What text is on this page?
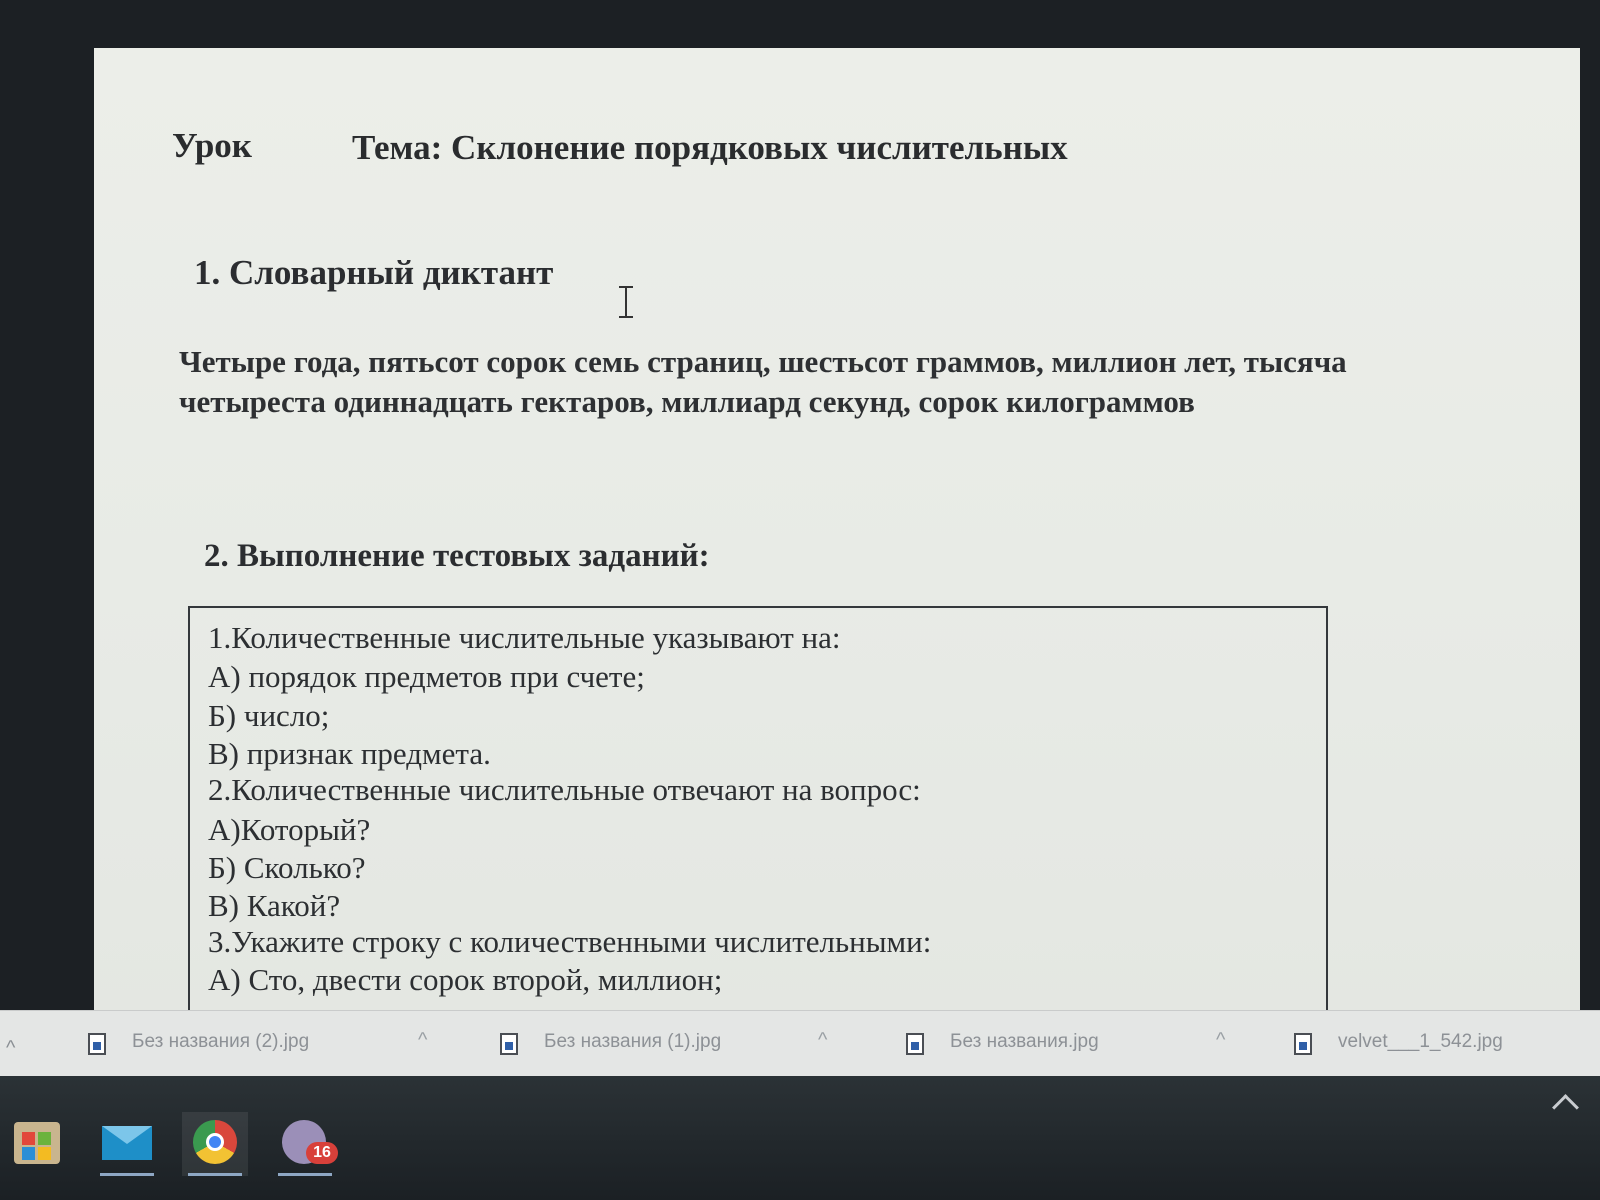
Урок	Тема: Склонение порядковых числительных
1. Словарный диктант
Четыре года, пятьсот сорок семь страниц, шестьсот граммов, миллион лет, тысяча
четыреста одиннадцать гектаров, миллиард секунд, сорок килограммов
2. Выполнение тестовых заданий:
1.Количественные числительные указывают на:
А) порядок предметов при счете;
Б) число;
В) признак предмета.
2.Количественные числительные отвечают на вопрос:
А)Который?
Б) Сколько?
В) Какой?
3.Укажите строку с количественными числительными:
А) Сто, двести сорок второй, миллион;
^	Без названия (2).jpg	^	Без названия (1).jpg	^	Без названия.jpg	^	velvet___1_542.jpg
16
